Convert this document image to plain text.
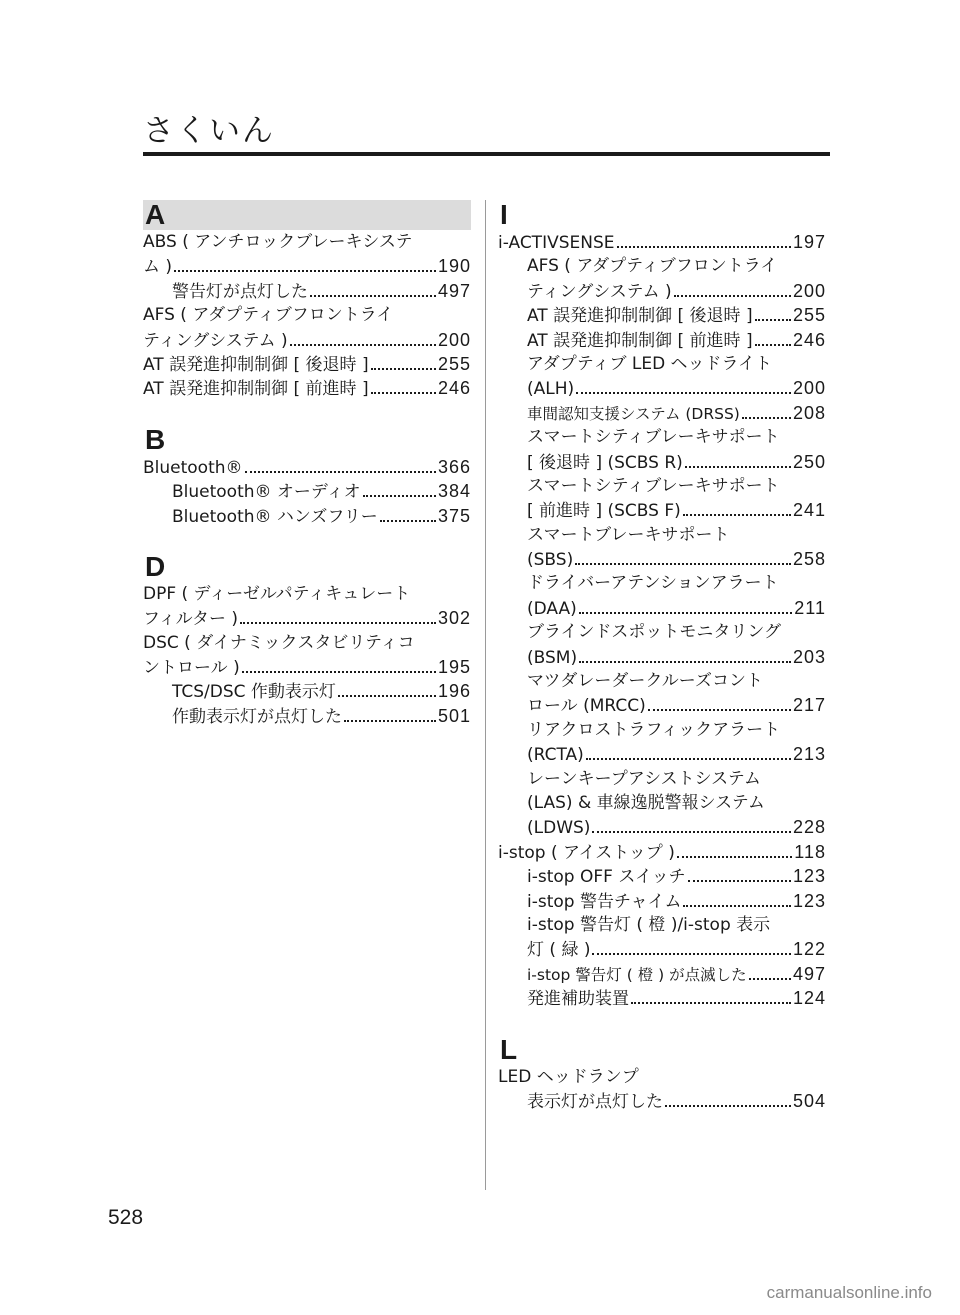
さくいん
A
ABS ( アンチロックブレーキシステ
ム )	190
警告灯が点灯した	497
AFS ( アダプティブフロントライ
ティングシステム )	200
AT 誤発進抑制制御 [ 後退時 ]	255
AT 誤発進抑制制御 [ 前進時 ]	246
B
Bluetooth®	366
Bluetooth® オーディオ	384
Bluetooth® ハンズフリー	375
D
DPF ( ディーゼルパティキュレート
フィルター )	302
DSC ( ダイナミックスタビリティコ
ントロール )	195
TCS/DSC 作動表示灯	196
作動表示灯が点灯した	501
I
i-ACTIVSENSE	197
AFS ( アダプティブフロントライ
ティングシステム )	200
AT 誤発進抑制制御 [ 後退時 ] 255
AT 誤発進抑制制御 [ 前進時 ] 246
アダプティブ LED ヘッドライト
(ALH)	200
車間認知支援システム (DRSS)	208
スマートシティブレーキサポート
[ 後退時 ] (SCBS R)	250
スマートシティブレーキサポート
[ 前進時 ] (SCBS F)	241
スマートブレーキサポート
(SBS)	258
ドライバーアテンションアラート
(DAA)	211
ブラインドスポットモニタリング
(BSM)	203
マツダレーダークルーズコント
ロール (MRCC)	217
リアクロストラフィックアラート
(RCTA)	213
レーンキープアシストシステム
(LAS) & 車線逸脱警報システム
(LDWS)	228
i-stop ( アイストップ )	118
i-stop OFF スイッチ	123
i-stop 警告チャイム	123
i-stop 警告灯 ( 橙 )/i-stop 表示
灯 ( 緑 )	122
i-stop 警告灯 ( 橙 ) が点滅した	497
発進補助装置	124
L
LED ヘッドランプ
表示灯が点灯した	504
528
carmanualsonline.info
